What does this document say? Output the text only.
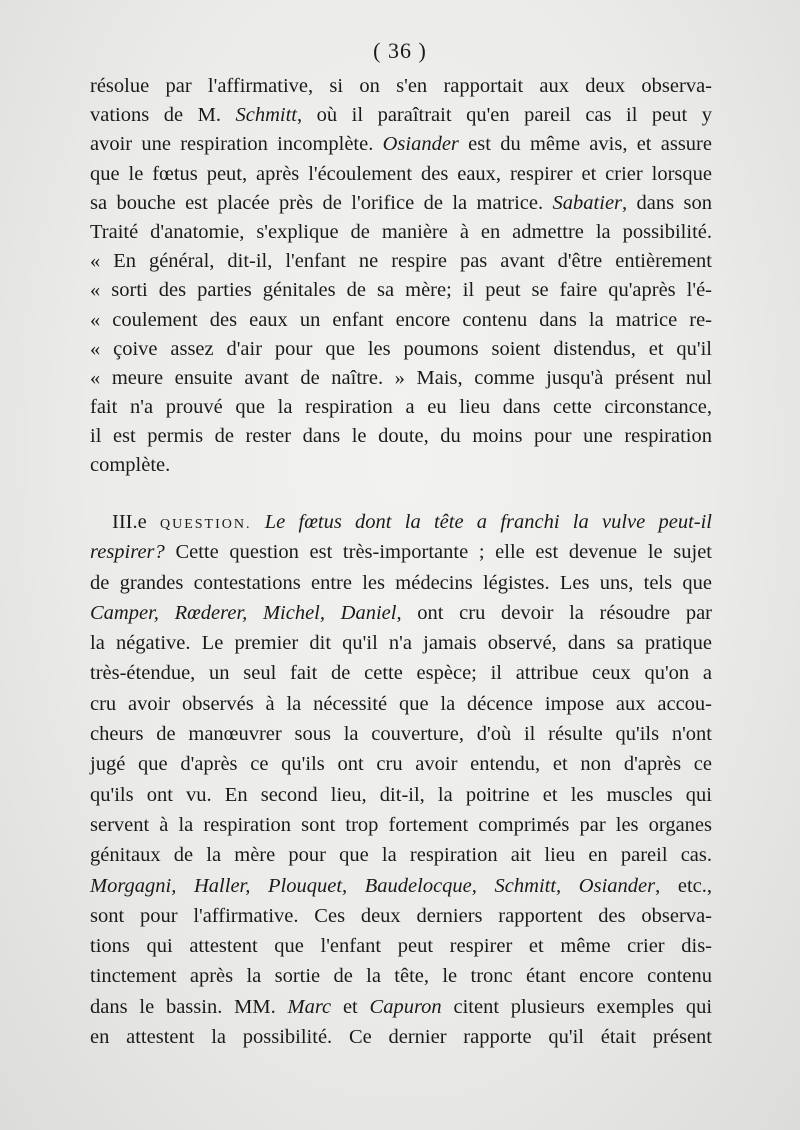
( 36 )
résolue par l'affirmative, si on s'en rapportait aux deux observa-
vations de M. Schmitt, où il paraîtrait qu'en pareil cas il peut y
avoir une respiration incomplète. Osiander est du même avis, et assure
que le fœtus peut, après l'écoulement des eaux, respirer et crier lorsque
sa bouche est placée près de l'orifice de la matrice. Sabatier, dans son
Traité d'anatomie, s'explique de manière à en admettre la possibilité.
« En général, dit-il, l'enfant ne respire pas avant d'être entièrement
« sorti des parties génitales de sa mère; il peut se faire qu'après l'é-
« coulement des eaux un enfant encore contenu dans la matrice re-
« çoive assez d'air pour que les poumons soient distendus, et qu'il
« meure ensuite avant de naître. » Mais, comme jusqu'à présent nul
fait n'a prouvé que la respiration a eu lieu dans cette circonstance,
il est permis de rester dans le doute, du moins pour une respiration
complète.
III.e QUESTION. Le fœtus dont la tête a franchi la vulve peut-il
respirer? Cette question est très-importante ; elle est devenue le sujet
de grandes contestations entre les médecins légistes. Les uns, tels que
Camper, Rœderer, Michel, Daniel, ont cru devoir la résoudre par
la négative. Le premier dit qu'il n'a jamais observé, dans sa pratique
très-étendue, un seul fait de cette espèce; il attribue ceux qu'on a
cru avoir observés à la nécessité que la décence impose aux accou-
cheurs de manœuvrer sous la couverture, d'où il résulte qu'ils n'ont
jugé que d'après ce qu'ils ont cru avoir entendu, et non d'après ce
qu'ils ont vu. En second lieu, dit-il, la poitrine et les muscles qui
servent à la respiration sont trop fortement comprimés par les organes
génitaux de la mère pour que la respiration ait lieu en pareil cas.
Morgagni, Haller, Plouquet, Baudelocque, Schmitt, Osiander, etc.,
sont pour l'affirmative. Ces deux derniers rapportent des observa-
tions qui attestent que l'enfant peut respirer et même crier dis-
tinctement après la sortie de la tête, le tronc étant encore contenu
dans le bassin. MM. Marc et Capuron citent plusieurs exemples qui
en attestent la possibilité. Ce dernier rapporte qu'il était présent
